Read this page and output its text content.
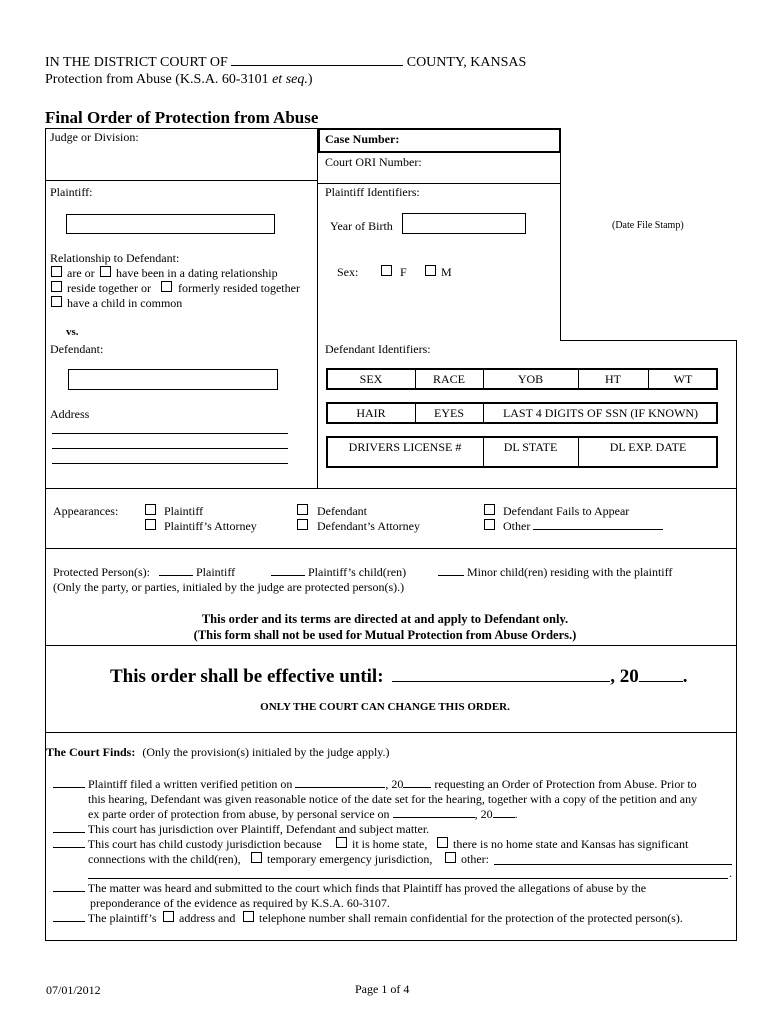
IN THE DISTRICT COURT OF	COUNTY, KANSAS
Protection from Abuse (K.S.A. 60-3101 et seq.)
Final Order of Protection from Abuse
Judge or Division:	Case Number:
Court ORI Number:
Plaintiff:	Plaintiff Identifiers:
Year of Birth	(Date File Stamp)
Relationship to Defendant:
are or have been in a dating relationship
reside together or formerly resided together
have a child in common
Sex:	F	M
vs.
Defendant:	Defendant Identifiers:
Address
SEX	RACE	YOB	HT	WT
HAIR	EYES	LAST 4 DIGITS OF SSN (IF KNOWN)
DRIVERS LICENSE #	DL STATE	DL EXP. DATE
Appearances:	Plaintiff
Plaintiff’s Attorney
Defendant
Defendant’s Attorney
Defendant Fails to Appear
Other
Protected Person(s):	Plaintiff	Plaintiff’s child(ren)	Minor child(ren) residing with the plaintiff
(Only the party, or parties, initialed by the judge are protected person(s).)
This order and its terms are directed at and apply to Defendant only.
(This form shall not be used for Mutual Protection from Abuse Orders.)
This order shall be effective until:	, 20 .
ONLY THE COURT CAN CHANGE THIS ORDER.
The Court Finds: (Only the provision(s) initialed by the judge apply.)
Plaintiff filed a written verified petition on	, 20	requesting an Order of Protection from Abuse. Prior to
this hearing, Defendant was given reasonable notice of the date set for the hearing, together with a copy of the petition and any
ex parte order of protection from abuse, by personal service on	, 20 .
This court has jurisdiction over Plaintiff, Defendant and subject matter.
This court has child custody jurisdiction because	it is home state, there is no home state and Kansas has significant
connections with the child(ren), temporary emergency jurisdiction, other:
.
The matter was heard and submitted to the court which finds that Plaintiff has proved the allegations of abuse by the
preponderance of the evidence as required by K.S.A. 60-3107.
The plaintiff’s address and telephone number shall remain confidential for the protection of the protected person(s).
07/01/2012	Page 1 of 4
